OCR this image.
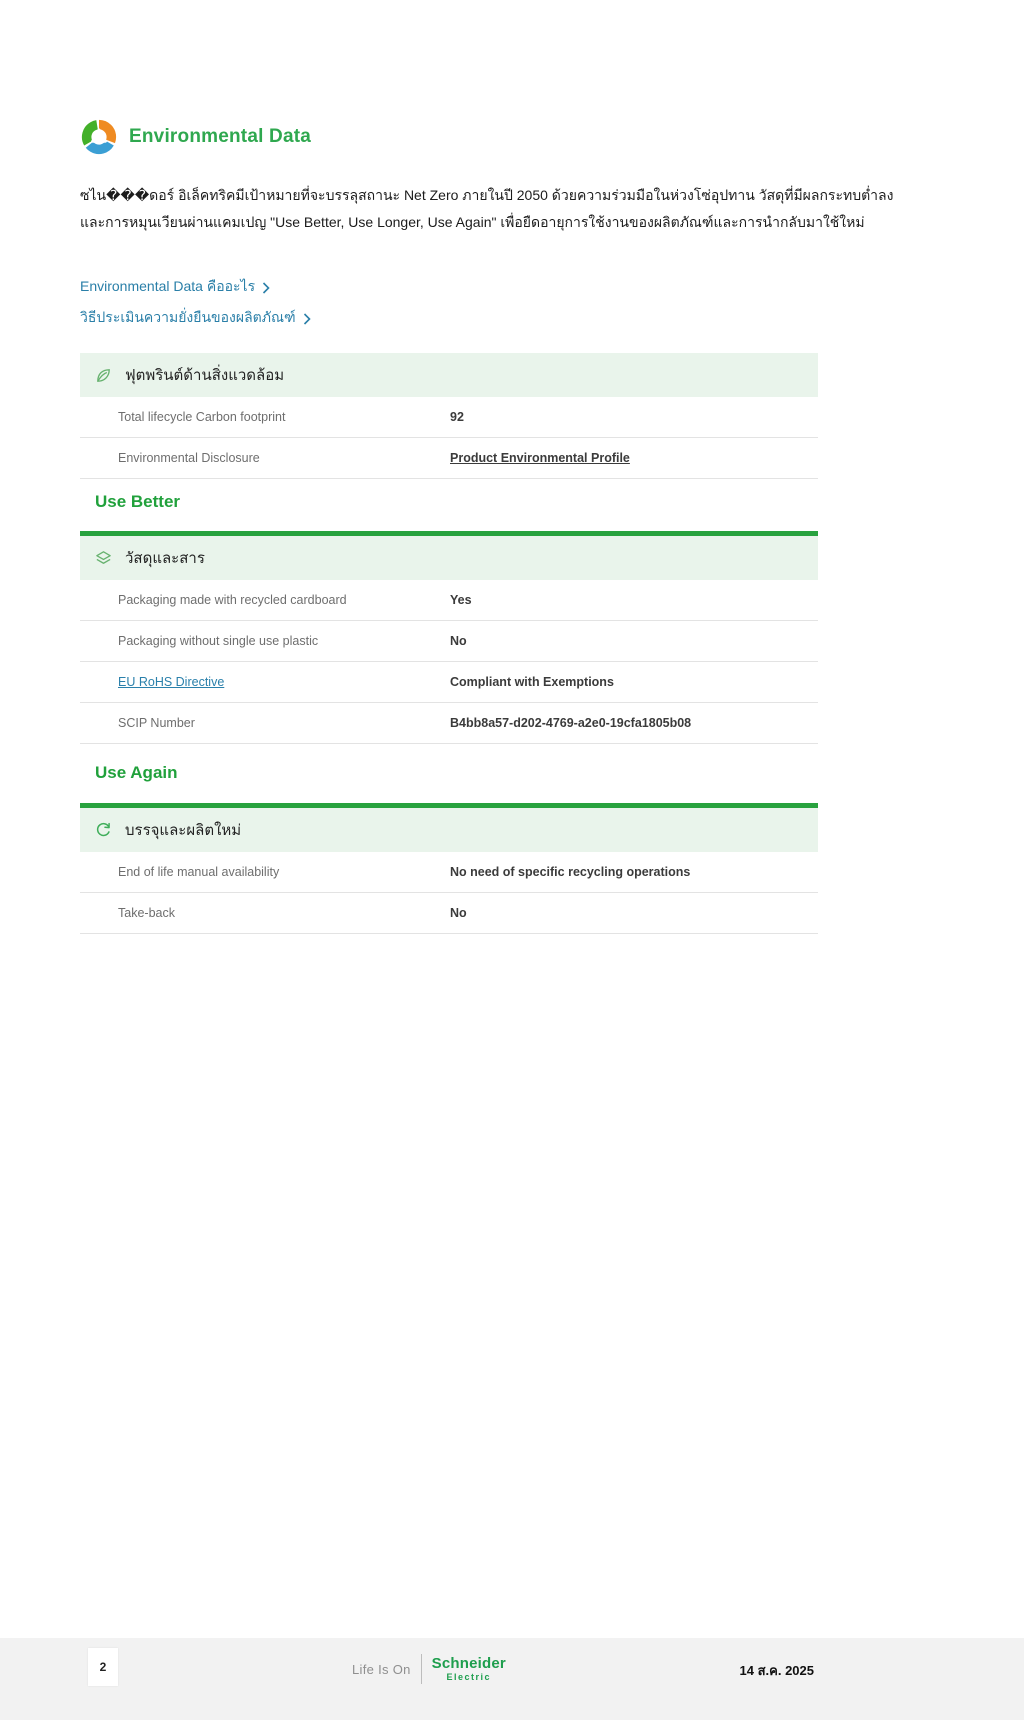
Environmental Data
ซไน���ดอร์ อิเล็คทริคมีเป้าหมายที่จะบรรลุสถานะ Net Zero ภายในปี 2050 ด้วยความร่วมมือในห่วงโซ่อุปทาน วัสดุที่มีผลกระทบต่ำลง
และการหมุนเวียนผ่านแคมเปญ "Use Better, Use Longer, Use Again" เพื่อยืดอายุการใช้งานของผลิตภัณฑ์และการนำกลับมาใช้ใหม่
Environmental Data คืออะไร
วิธีประเมินความยั่งยืนของผลิตภัณฑ์
ฟุตพรินต์ด้านสิ่งแวดล้อม
Total lifecycle Carbon footprint	92
Environmental Disclosure	Product Environmental Profile
Use Better
วัสดุและสาร
Packaging made with recycled cardboard	Yes
Packaging without single use plastic	No
EU RoHS Directive	Compliant with Exemptions
SCIP Number	B4bb8a57-d202-4769-a2e0-19cfa1805b08
Use Again
บรรจุและผลิตใหม่
End of life manual availability	No need of specific recycling operations
Take-back	No
2	Life Is On Schneider
Electric	14 ส.ค. 2025
